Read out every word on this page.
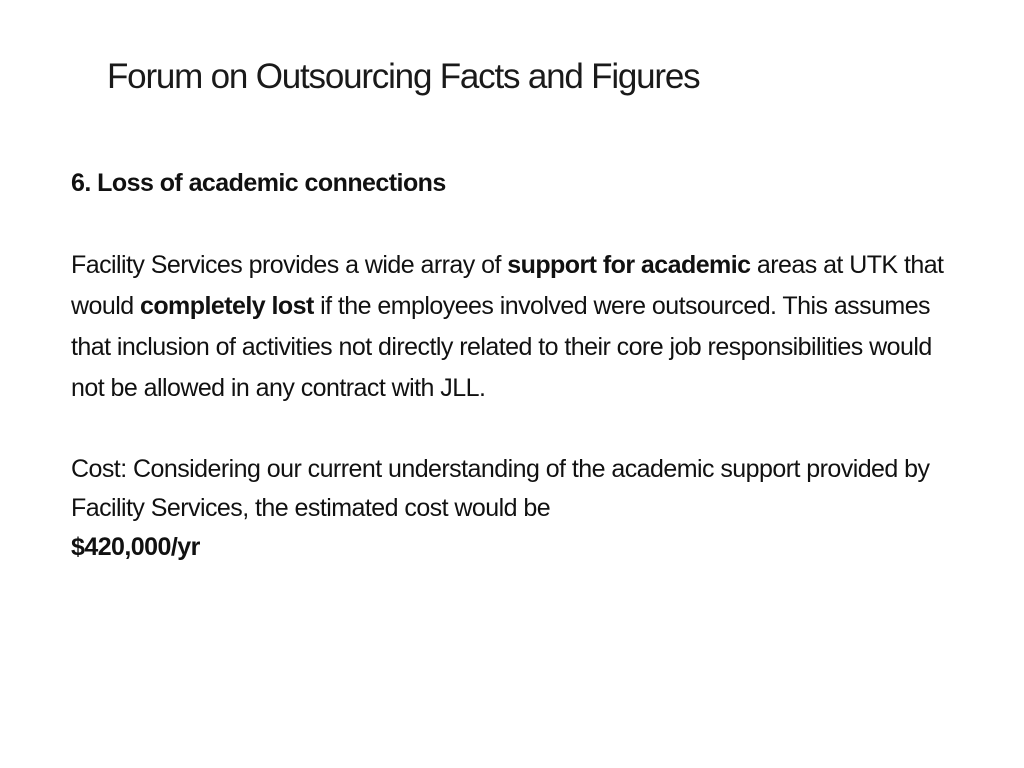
Forum on Outsourcing Facts and Figures

6. Loss of academic connections

Facility Services provides a wide array of support for academic areas at UTK that would completely lost if the employees involved were outsourced. This assumes that inclusion of activities not directly related to their core job responsibilities would not be allowed in any contract with JLL.

Cost: Considering our current understanding of the academic support provided by Facility Services, the estimated cost would be
$420,000/yr
